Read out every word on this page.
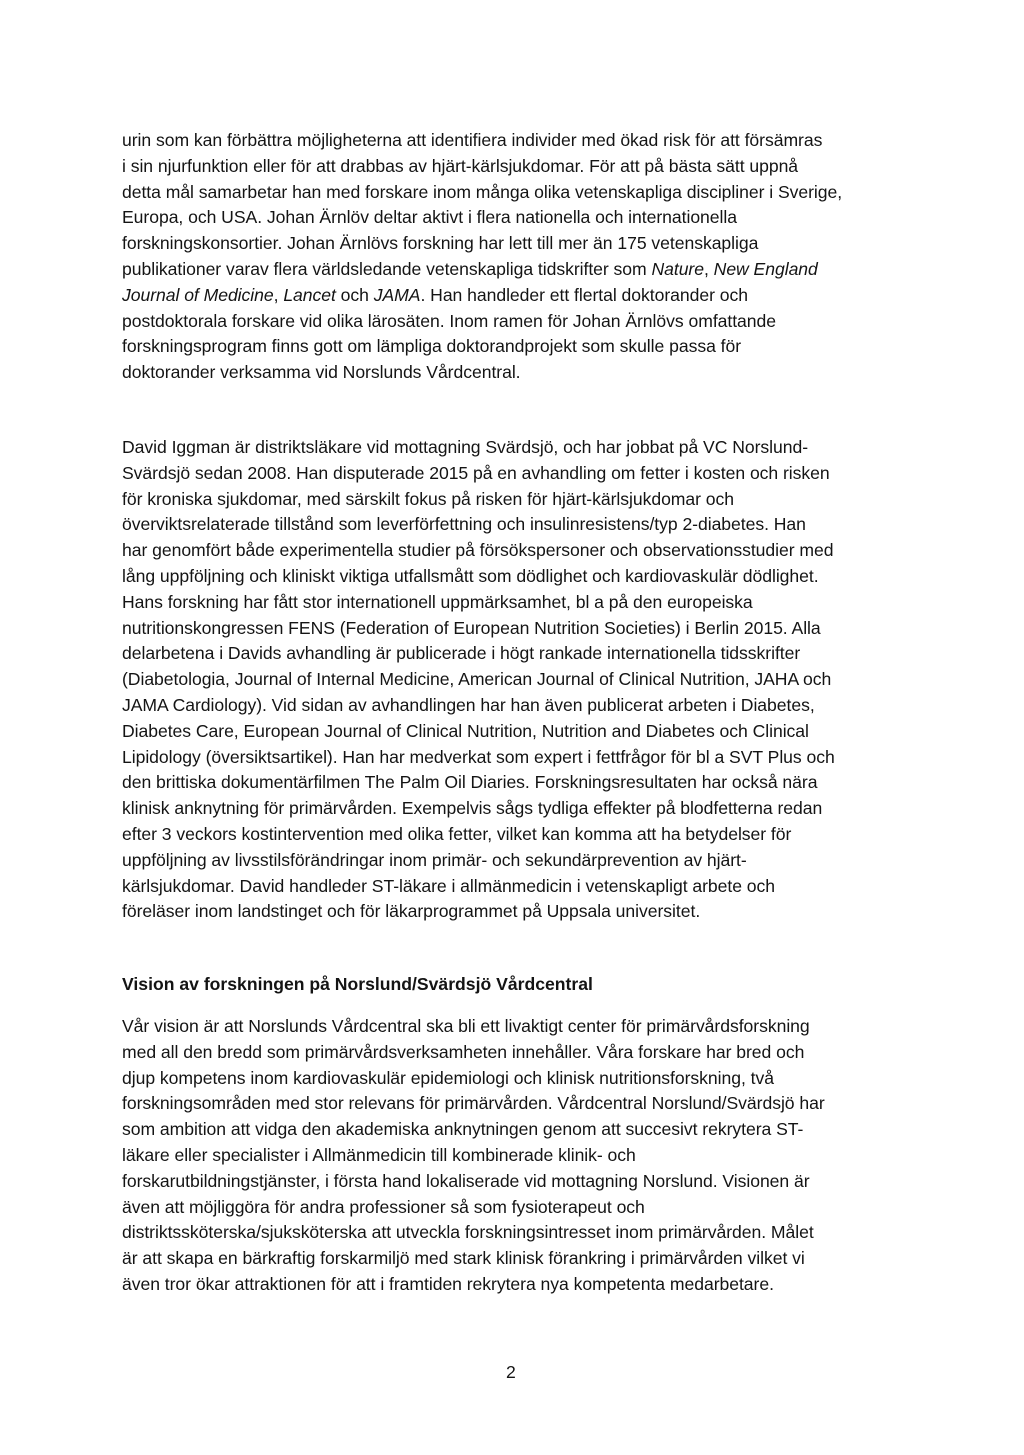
urin som kan förbättra möjligheterna att identifiera individer med ökad risk för att försämras
i sin njurfunktion eller för att drabbas av hjärt-kärlsjukdomar. För att på bästa sätt uppnå
detta mål samarbetar han med forskare inom många olika vetenskapliga discipliner i Sverige,
Europa, och USA. Johan Ärnlöv deltar aktivt i flera nationella och internationella
forskningskonsortier. Johan Ärnlövs forskning har lett till mer än 175 vetenskapliga
publikationer varav flera världsledande vetenskapliga tidskrifter som Nature, New England
Journal of Medicine, Lancet och JAMA. Han handleder ett flertal doktorander och
postdoktorala forskare vid olika lärosäten. Inom ramen för Johan Ärnlövs omfattande
forskningsprogram finns gott om lämpliga doktorandprojekt som skulle passa för
doktorander verksamma vid Norslunds Vårdcentral.
David Iggman är distriktsläkare vid mottagning Svärdsjö, och har jobbat på VC Norslund-
Svärdsjö sedan 2008. Han disputerade 2015 på en avhandling om fetter i kosten och risken
för kroniska sjukdomar, med särskilt fokus på risken för hjärt-kärlsjukdomar och
överviktsrelaterade tillstånd som leverförfettning och insulinresistens/typ 2-diabetes. Han
har genomfört både experimentella studier på försökspersoner och observationsstudier med
lång uppföljning och kliniskt viktiga utfallsmått som dödlighet och kardiovaskulär dödlighet.
Hans forskning har fått stor internationell uppmärksamhet, bl a på den europeiska
nutritionskongressen FENS (Federation of European Nutrition Societies) i Berlin 2015. Alla
delarbetena i Davids avhandling är publicerade i högt rankade internationella tidsskrifter
(Diabetologia, Journal of Internal Medicine, American Journal of Clinical Nutrition, JAHA och
JAMA Cardiology). Vid sidan av avhandlingen har han även publicerat arbeten i Diabetes,
Diabetes Care, European Journal of Clinical Nutrition, Nutrition and Diabetes och Clinical
Lipidology (översiktsartikel). Han har medverkat som expert i fettfrågor för bl a SVT Plus och
den brittiska dokumentärfilmen The Palm Oil Diaries. Forskningsresultaten har också nära
klinisk anknytning för primärvården. Exempelvis sågs tydliga effekter på blodfetterna redan
efter 3 veckors kostintervention med olika fetter, vilket kan komma att ha betydelser för
uppföljning av livsstilsförändringar inom primär- och sekundärprevention av hjärt-
kärlsjukdomar. David handleder ST-läkare i allmänmedicin i vetenskapligt arbete och
föreläser inom landstinget och för läkarprogrammet på Uppsala universitet.
Vision av forskningen på Norslund/Svärdsjö Vårdcentral
Vår vision är att Norslunds Vårdcentral ska bli ett livaktigt center för primärvårdsforskning
med all den bredd som primärvårdsverksamheten innehåller. Våra forskare har bred och
djup kompetens inom kardiovaskulär epidemiologi och klinisk nutritionsforskning, två
forskningsområden med stor relevans för primärvården. Vårdcentral Norslund/Svärdsjö har
som ambition att vidga den akademiska anknytningen genom att succesivt rekrytera ST-
läkare eller specialister i Allmänmedicin till kombinerade klinik- och
forskarutbildningstjänster, i första hand lokaliserade vid mottagning Norslund. Visionen är
även att möjliggöra för andra professioner så som fysioterapeut och
distriktssköterska/sjuksköterska att utveckla forskningsintresset inom primärvården. Målet
är att skapa en bärkraftig forskarmiljö med stark klinisk förankring i primärvården vilket vi
även tror ökar attraktionen för att i framtiden rekrytera nya kompetenta medarbetare.
2
